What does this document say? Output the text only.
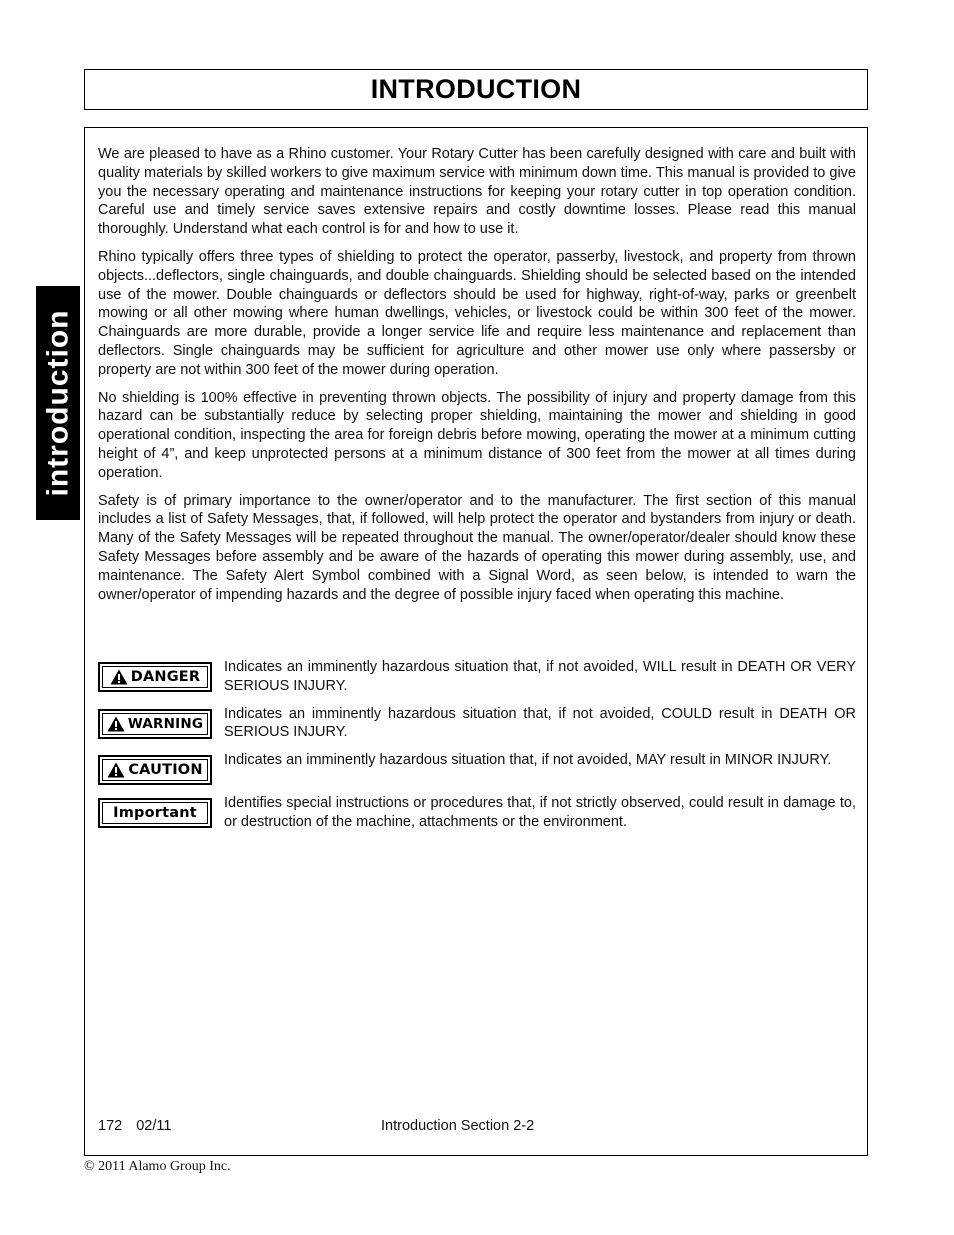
INTRODUCTION
introduction

We are pleased to have as a Rhino customer. Your Rotary Cutter has been carefully designed with care and built with quality materials by skilled workers to give maximum service with minimum down time. This manual is provided to give you the necessary operating and maintenance instructions for keeping your rotary cutter in top operation condition. Careful use and timely service saves extensive repairs and costly downtime losses. Please read this manual thoroughly. Understand what each control is for and how to use it.

Rhino typically offers three types of shielding to protect the operator, passerby, livestock, and property from thrown objects...deflectors, single chainguards, and double chainguards. Shielding should be selected based on the intended use of the mower. Double chainguards or deflectors should be used for highway, right-of-way, parks or greenbelt mowing or all other mowing where human dwellings, vehicles, or livestock could be within 300 feet of the mower. Chainguards are more durable, provide a longer service life and require less maintenance and replacement than deflectors. Single chainguards may be sufficient for agriculture and other mower use only where passersby or property are not within 300 feet of the mower during operation.

No shielding is 100% effective in preventing thrown objects. The possibility of injury and property damage from this hazard can be substantially reduce by selecting proper shielding, maintaining the mower and shielding in good operational condition, inspecting the area for foreign debris before mowing, operating the mower at a minimum cutting height of 4”, and keep unprotected persons at a minimum distance of 300 feet from the mower at all times during operation.

Safety is of primary importance to the owner/operator and to the manufacturer. The first section of this manual includes a list of Safety Messages, that, if followed, will help protect the operator and bystanders from injury or death. Many of the Safety Messages will be repeated throughout the manual. The owner/operator/dealer should know these Safety Messages before assembly and be aware of the hazards of operating this mower during assembly, use, and maintenance. The Safety Alert Symbol combined with a Signal Word, as seen below, is intended to warn the owner/operator of impending hazards and the degree of possible injury faced when operating this machine.

DANGER
Indicates an imminently hazardous situation that, if not avoided, WILL result in DEATH OR VERY SERIOUS INJURY.
WARNING
Indicates an imminently hazardous situation that, if not avoided, COULD result in DEATH OR SERIOUS INJURY.
CAUTION
Indicates an imminently hazardous situation that, if not avoided, MAY result in MINOR INJURY.
Important
Identifies special instructions or procedures that, if not strictly observed, could result in damage to, or destruction of the machine, attachments or the environment.
172 02/11	Introduction Section 2-2
© 2011 Alamo Group Inc.
